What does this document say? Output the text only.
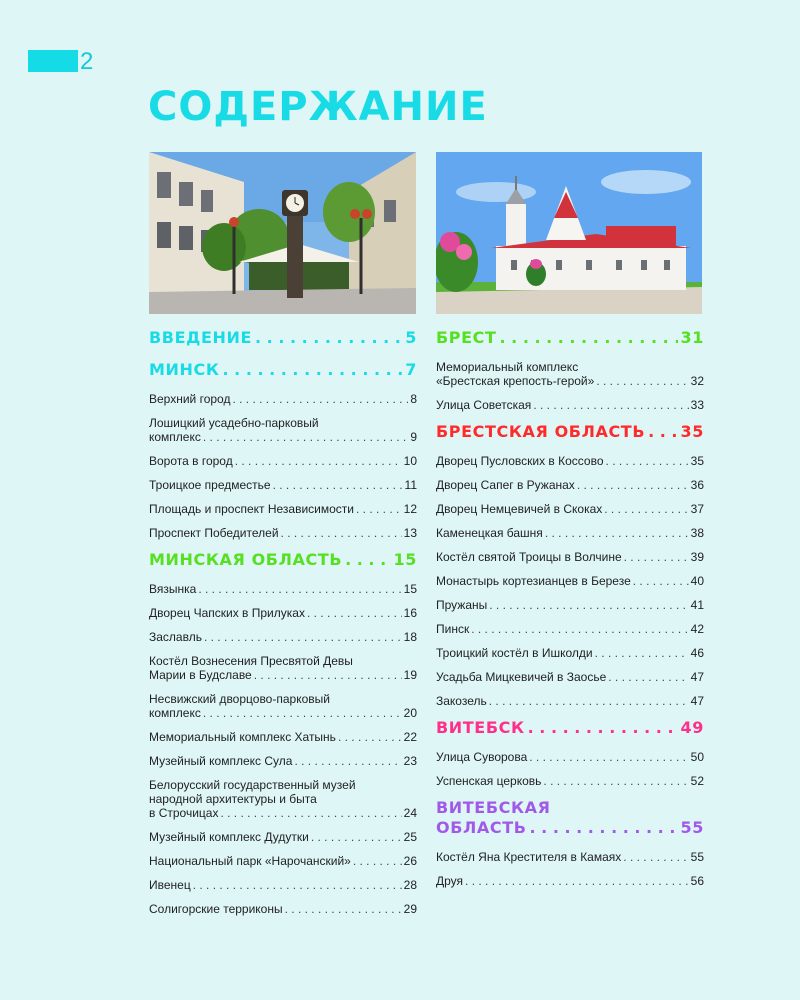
2
СОДЕРЖАНИЕ
ВВЕДЕНИЕ . . .	5
МИНСК . . .	7
Верхний город . . .	8
Лошицкий усадебно-парковый
комплекс . . .	9
Ворота в город . . .	10
Троицкое предместье . . .	11
Площадь и проспект Независимости . . .	12
Проспект Победителей . . .	13
МИНСКАЯ ОБЛАСТЬ . . .	15
Вязынка . . .	15
Дворец Чапских в Прилуках . . .	16
Заславль . . .	18
Костёл Вознесения Пресвятой Девы
Марии в Будславе . . .	19
Несвижский дворцово-парковый
комплекс . . .	20
Мемориальный комплекс Хатынь . . .	22
Музейный комплекс Сула . . .	23
Белорусский государственный музей
народной архитектуры и быта
в Строчицах . . .	24
Музейный комплекс Дудутки . . .	25
Национальный парк «Нарочанский» . . .	26
Ивенец . . .	28
Солигорские терриконы . . .	29
БРЕСТ . . .	31
Мемориальный комплекс
«Брестская крепость-герой» . . .	32
Улица Советская . . .	33
БРЕСТСКАЯ ОБЛАСТЬ . . . 35
Дворец Пусловских в Коссово . . .	35
Дворец Сапег в Ружанах . . .	36
Дворец Немцевичей в Скоках . . .	37
Каменецкая башня . . .	38
Костёл святой Троицы в Волчине . . .	39
Монастырь кортезианцев в Березе . . .	40
Пружаны . . .	41
Пинск . . .	42
Троицкий костёл в Ишколди . . .	46
Усадьба Мицкевичей в Заосье . . .	47
Закозель . . .	47
ВИТЕБСК . . .	49
Улица Суворова . . .	50
Успенская церковь . . .	52
ВИТЕБСКАЯ
ОБЛАСТЬ . . .	55
Костёл Яна Крестителя в Камаях . . .	55
Друя . . .	56
